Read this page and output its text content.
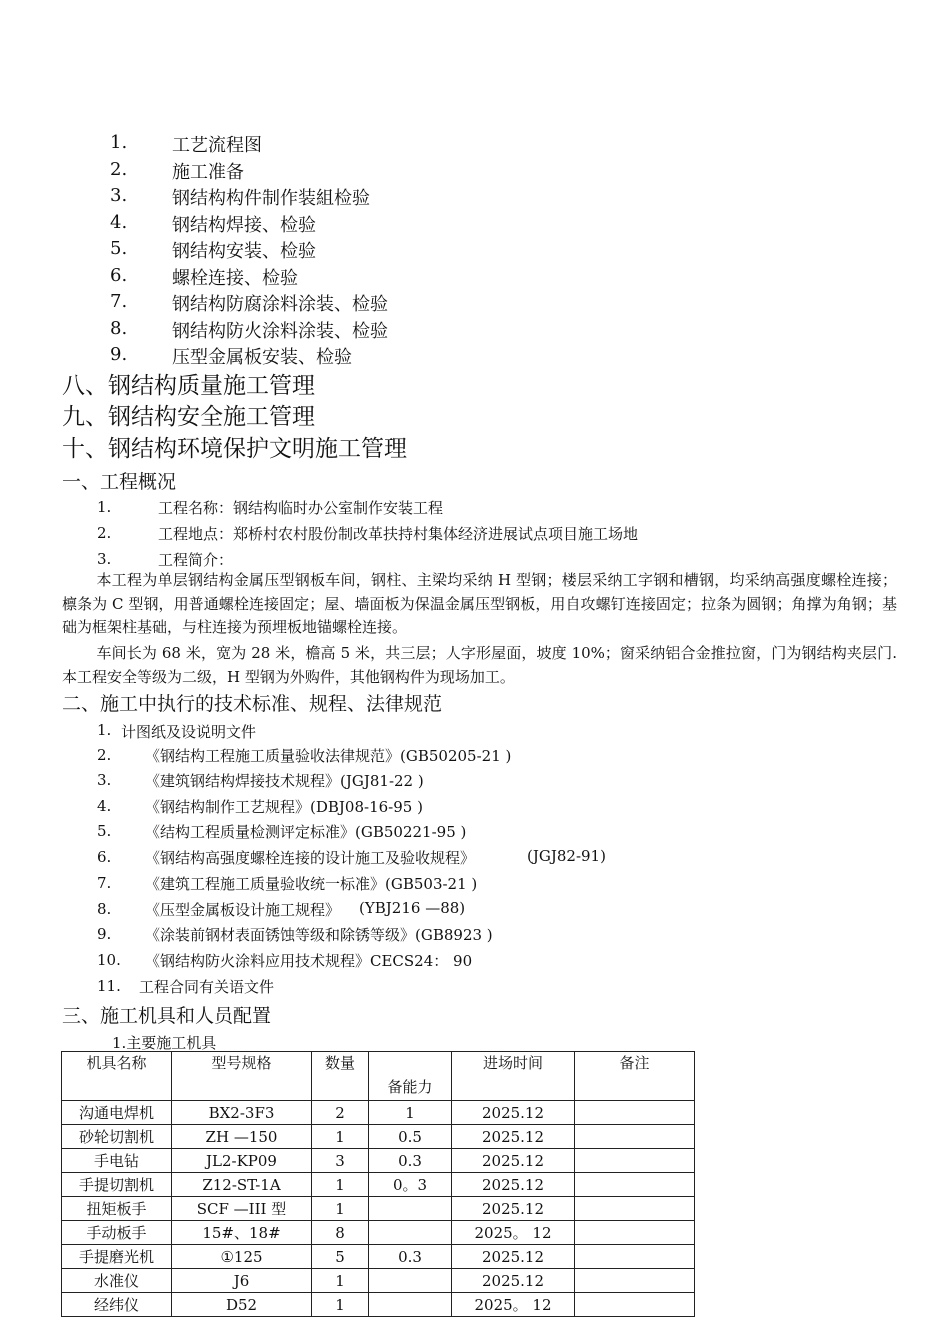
1. 工艺流程图
2. 施工准备
3. 钢结构构件制作装組检验
4. 钢结构焊接、检验
5. 钢结构安装、检验
6. 螺栓连接、检验
7. 钢结构防腐涂料涂装、检验
8. 钢结构防火涂料涂装、检验
9. 压型金属板安装、检验
八、钢结构质量施工管理
九、钢结构安全施工管理
十、钢结构环境保护文明施工管理
一、工程概况
1.	工程名称：钢结构临时办公室制作安装工程
2.	工程地点：郑桥村农村股份制改革扶持村集体经济进展试点项目施工场地
3.	工程简介：
本工程为单层钢结构金属压型钢板车间，钢柱、主梁均采纳 H 型钢；楼层采纳工字钢和槽钢，均采纳高强度螺栓连接；檩条为 C 型钢，用普通螺栓连接固定；屋、墙面板为保温金属压型钢板，用自攻螺钉连接固定；拉条为圆钢；角撑为角钢；基础为框架柱基础，与柱连接为预埋板地锚螺栓连接。
车间长为 68 米，宽为 28 米，檐高 5 米，共三层；人字形屋面，坡度 10%；窗采纳铝合金推拉窗，门为钢结构夹层门. 本工程安全等级为二级，H 型钢为外购件，其他钢构件为现场加工。
二、施工中执行的技术标准、规程、法律规范
1. 计图纸及设说明文件
2. 《钢结构工程施工质量验收法律规范》(GB50205-21 )
3. 《建筑钢结构焊接技术规程》(JGJ81-22 )
4. 《钢结构制作工艺规程》(DBJ08-16-95 )
5. 《结构工程质量检测评定标准》(GB50221-95 )
6. 《钢结构高强度螺栓连接的设计施工及验收规程》	(JGJ82-91)
7. 《建筑工程施工质量验收统一标准》(GB503-21 )
8. 《压型金属板设计施工规程》 (YBJ216 —88)
9. 《涂装前钢材表面锈蚀等级和除锈等级》(GB8923 )
10. 《钢结构防火涂料应用技术规程》CECS24： 90
11. 工程合同有关语文件
三、施工机具和人员配置
1.主要施工机具
机具名称	型号规格	数量	备能力	进场时间	备注
沟通电焊机	BX2-3F3	2	1	2025.12	
砂轮切割机	ZH —150	1	0.5	2025.12	
手电钻	JL2-KP09	3	0.3	2025.12	
手提切割机	Z12-ST-1A	1	0。3	2025.12	
扭矩板手	SCF —III 型	1		2025.12	
手动板手	15#、18#	8		2025。 12	
手提磨光机	①125	5	0.3	2025.12	
水准仪	J6	1		2025.12	
经纬仪	D52	1		2025。 12	
